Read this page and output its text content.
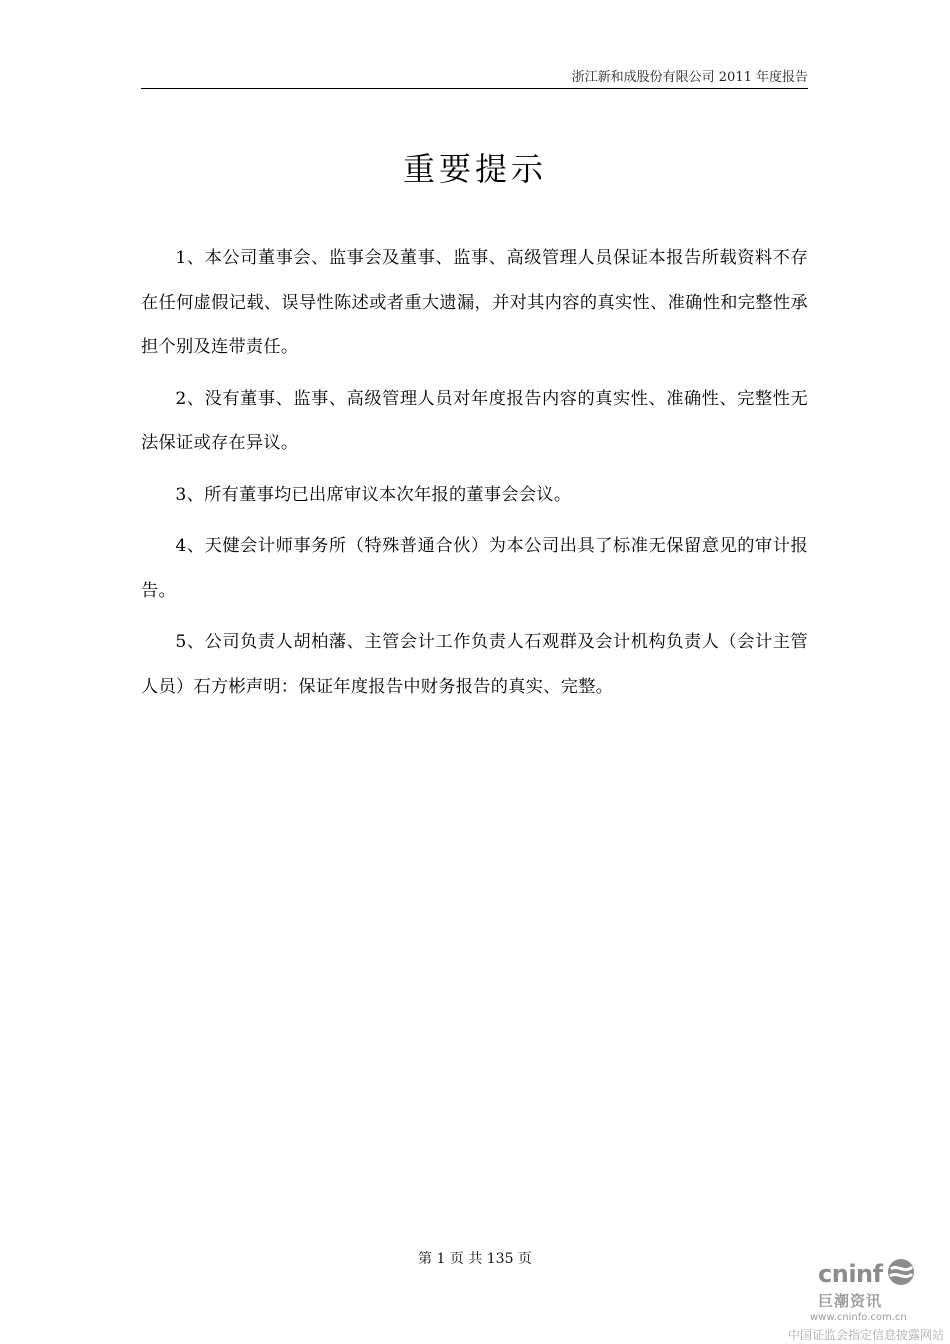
浙江新和成股份有限公司 2011 年度报告
重要提示

1、本公司董事会、监事会及董事、监事、高级管理人员保证本报告所载资料不存在任何虚假记载、误导性陈述或者重大遗漏，并对其内容的真实性、准确性和完整性承担个别及连带责任。

2、没有董事、监事、高级管理人员对年度报告内容的真实性、准确性、完整性无法保证或存在异议。

3、所有董事均已出席审议本次年报的董事会会议。

4、天健会计师事务所（特殊普通合伙）为本公司出具了标准无保留意见的审计报告。

5、公司负责人胡柏藩、主管会计工作负责人石观群及会计机构负责人（会计主管人员）石方彬声明：保证年度报告中财务报告的真实、完整。

第 1 页 共 135 页
cninf
巨潮资讯
www.cninfo.com.cn
中国证监会指定信息披露网站
